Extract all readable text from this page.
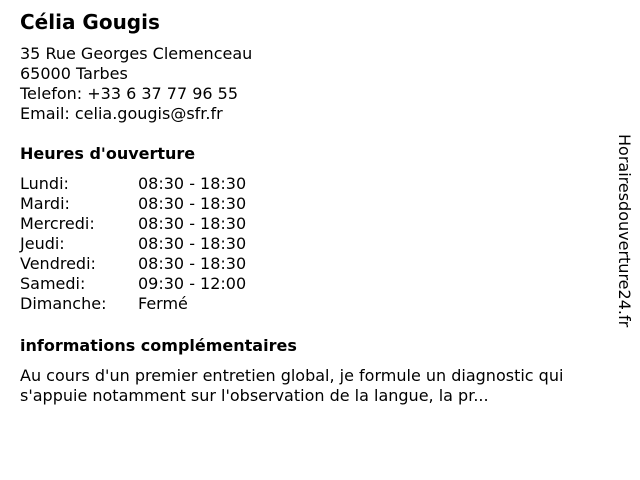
Célia Gougis
35 Rue Georges Clemenceau
65000 Tarbes
Telefon: +33 6 37 77 96 55
Email: celia.gougis@sfr.fr
Heures d'ouverture
Lundi:	08:30 - 18:30
Mardi:	08:30 - 18:30
Mercredi:	08:30 - 18:30
Jeudi:	08:30 - 18:30
Vendredi:	08:30 - 18:30
Samedi:	09:30 - 12:00
Dimanche:	Fermé
informations complémentaires
Au cours d'un premier entretien global, je formule un diagnostic qui s'appuie notamment sur l'observation de la langue, la pr...
Horairesdouverture24.fr
